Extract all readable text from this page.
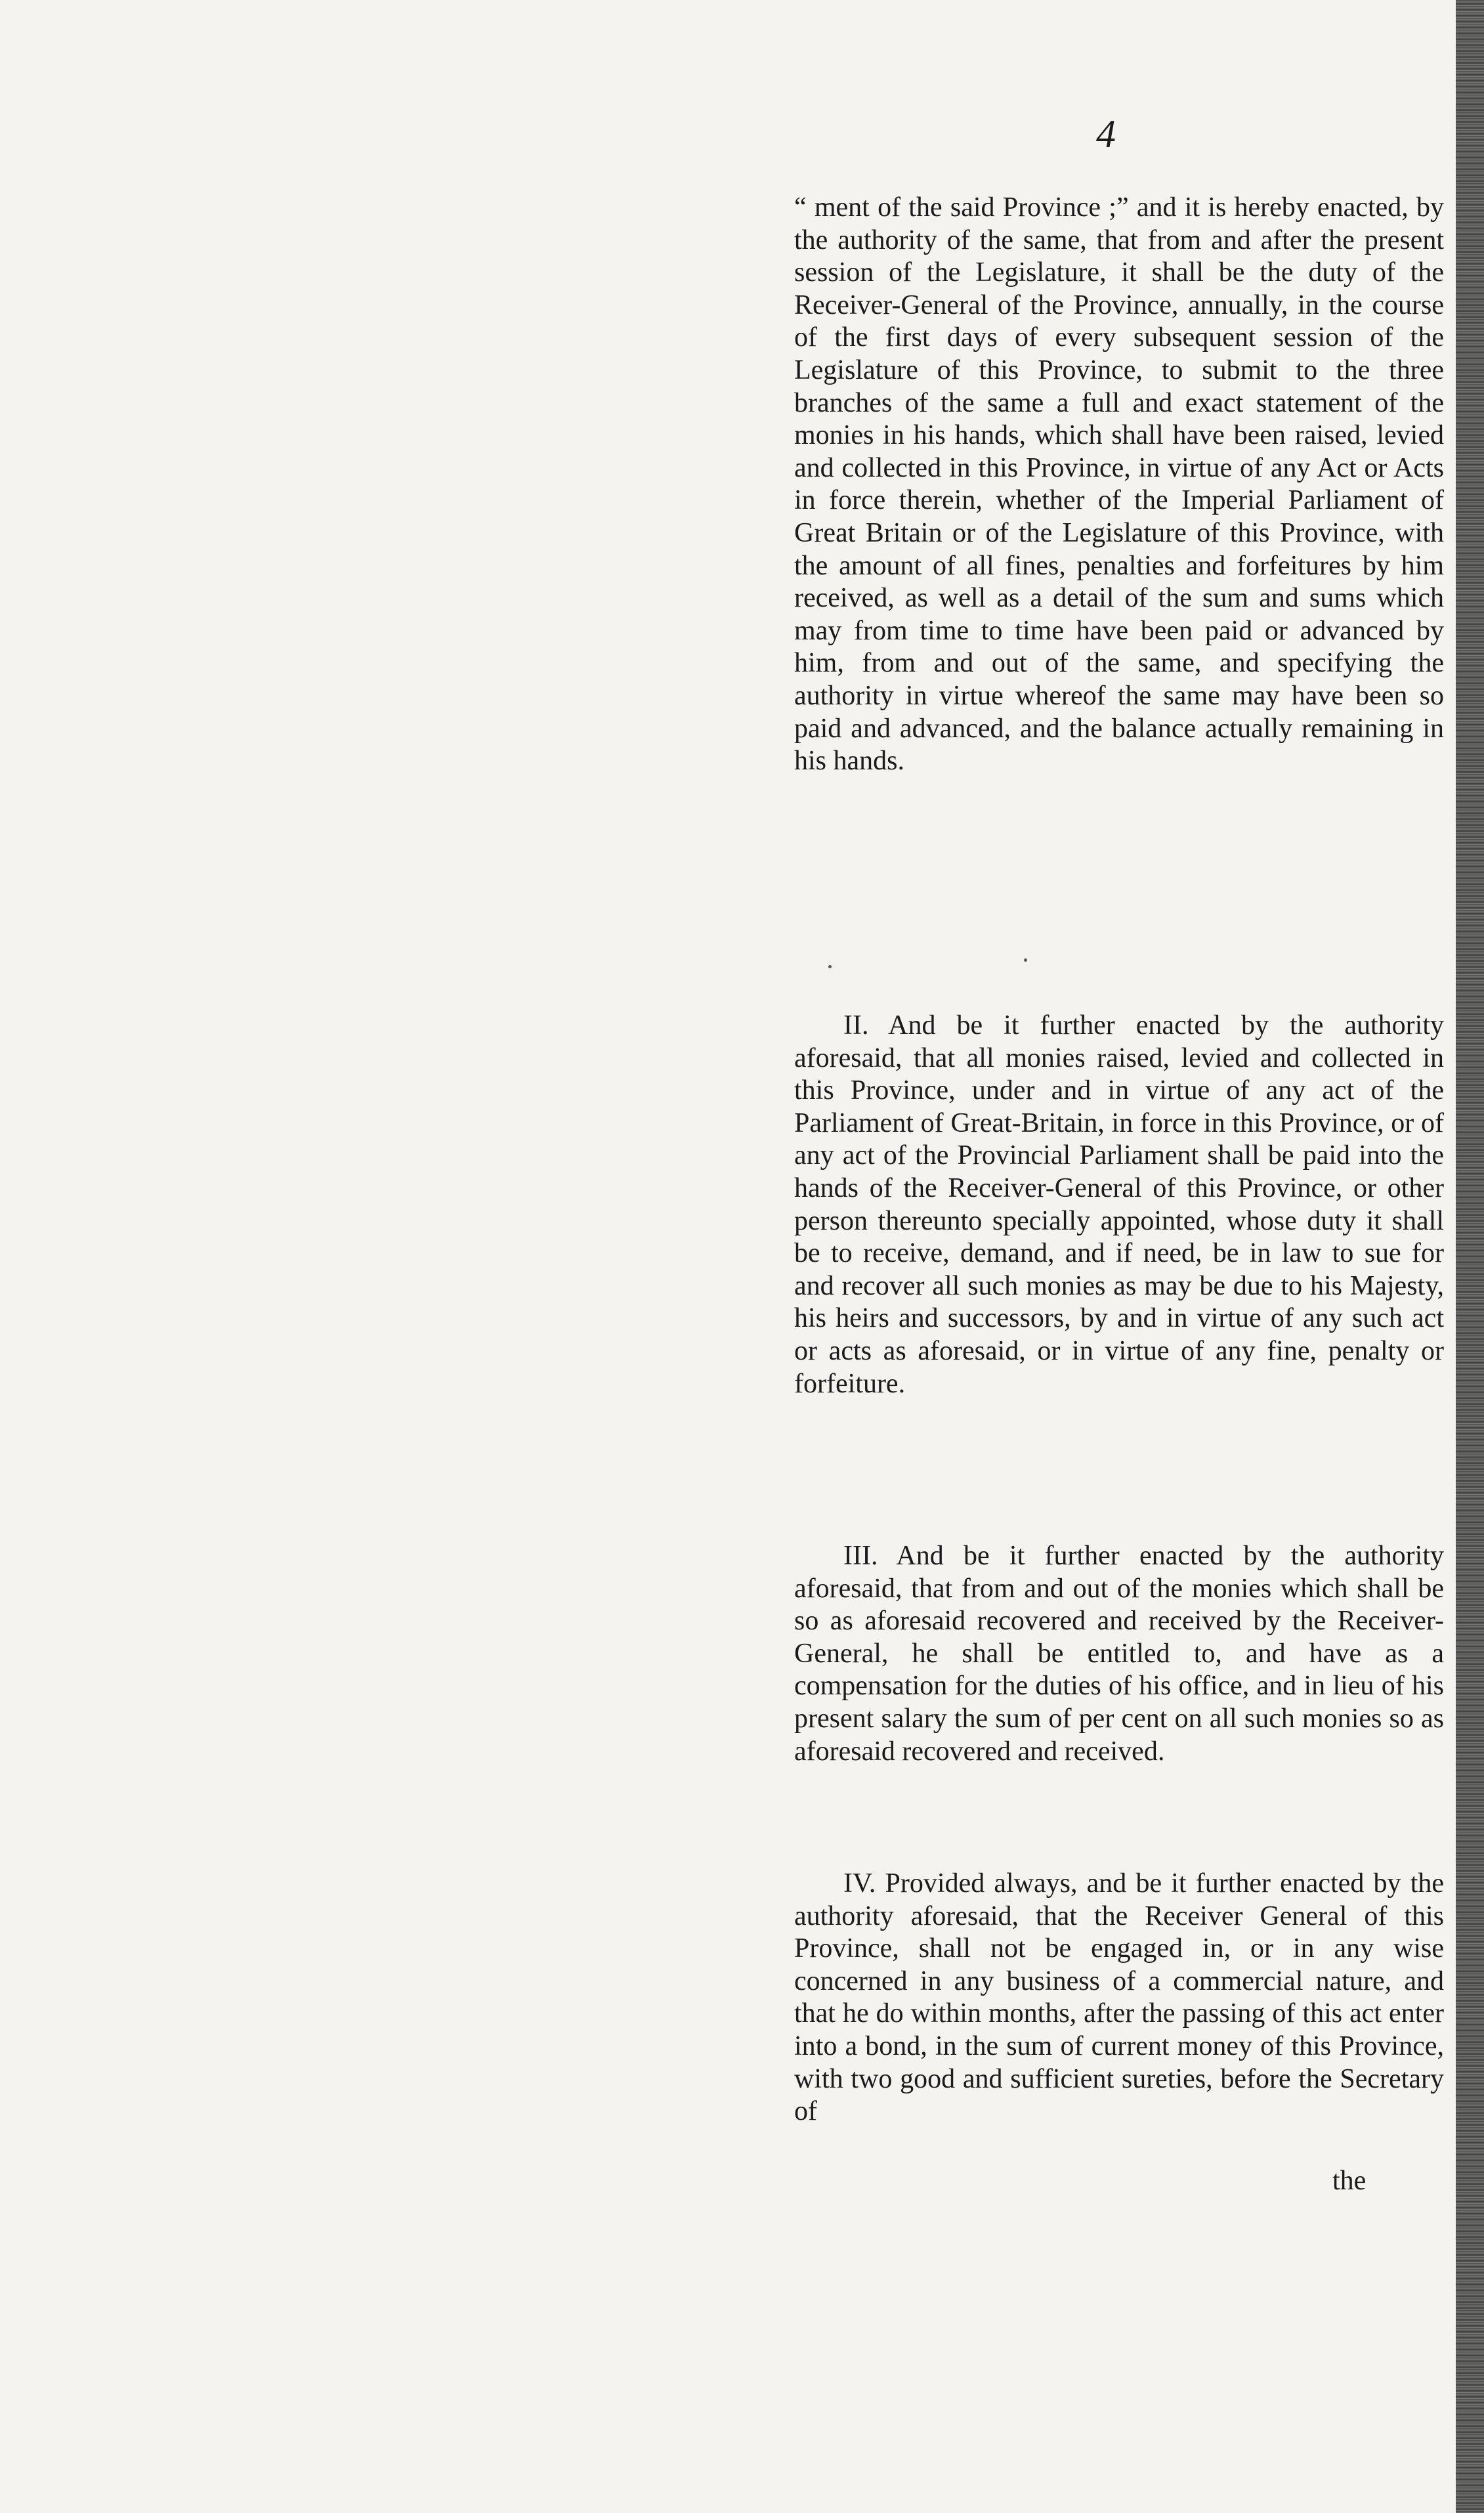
4
“ ment of the said Province ;” and it is hereby enacted, by the authority of the same, that from and after the present session of the Legislature, it shall be the duty of the Receiver-General of the Province, annually, in the course of the first days of every subsequent session of the Legislature of this Province, to submit to the three branches of the same a full and exact statement of the monies in his hands, which shall have been raised, levied and collected in this Province, in virtue of any Act or Acts in force therein, whether of the Imperial Parliament of Great Britain or of the Legislature of this Province, with the amount of all fines, penalties and forfeitures by him received, as well as a detail of the sum and sums which may from time to time have been paid or advanced by him, from and out of the same, and specifying the authority in virtue whereof the same may have been so paid and advanced, and the balance actually remaining in his hands.
II. And be it further enacted by the authority aforesaid, that all monies raised, levied and collected in this Province, under and in virtue of any act of the Parliament of Great-Britain, in force in this Province, or of any act of the Provincial Parliament shall be paid into the hands of the Receiver-General of this Province, or other person thereunto specially appointed, whose duty it shall be to receive, demand, and if need, be in law to sue for and recover all such monies as may be due to his Majesty, his heirs and successors, by and in virtue of any such act or acts as aforesaid, or in virtue of any fine, penalty or forfeiture.
III. And be it further enacted by the authority aforesaid, that from and out of the monies which shall be so as aforesaid recovered and received by the Receiver-General, he shall be entitled to, and have as a compensation for the duties of his office, and in lieu of his present salary the sum of per cent on all such monies so as aforesaid recovered and received.
IV. Provided always, and be it further enacted by the authority aforesaid, that the Receiver General of this Province, shall not be engaged in, or in any wise concerned in any business of a commercial nature, and that he do within months, after the passing of this act enter into a bond, in the sum of current money of this Province, with two good and sufficient sureties, before the Secretary of
the
